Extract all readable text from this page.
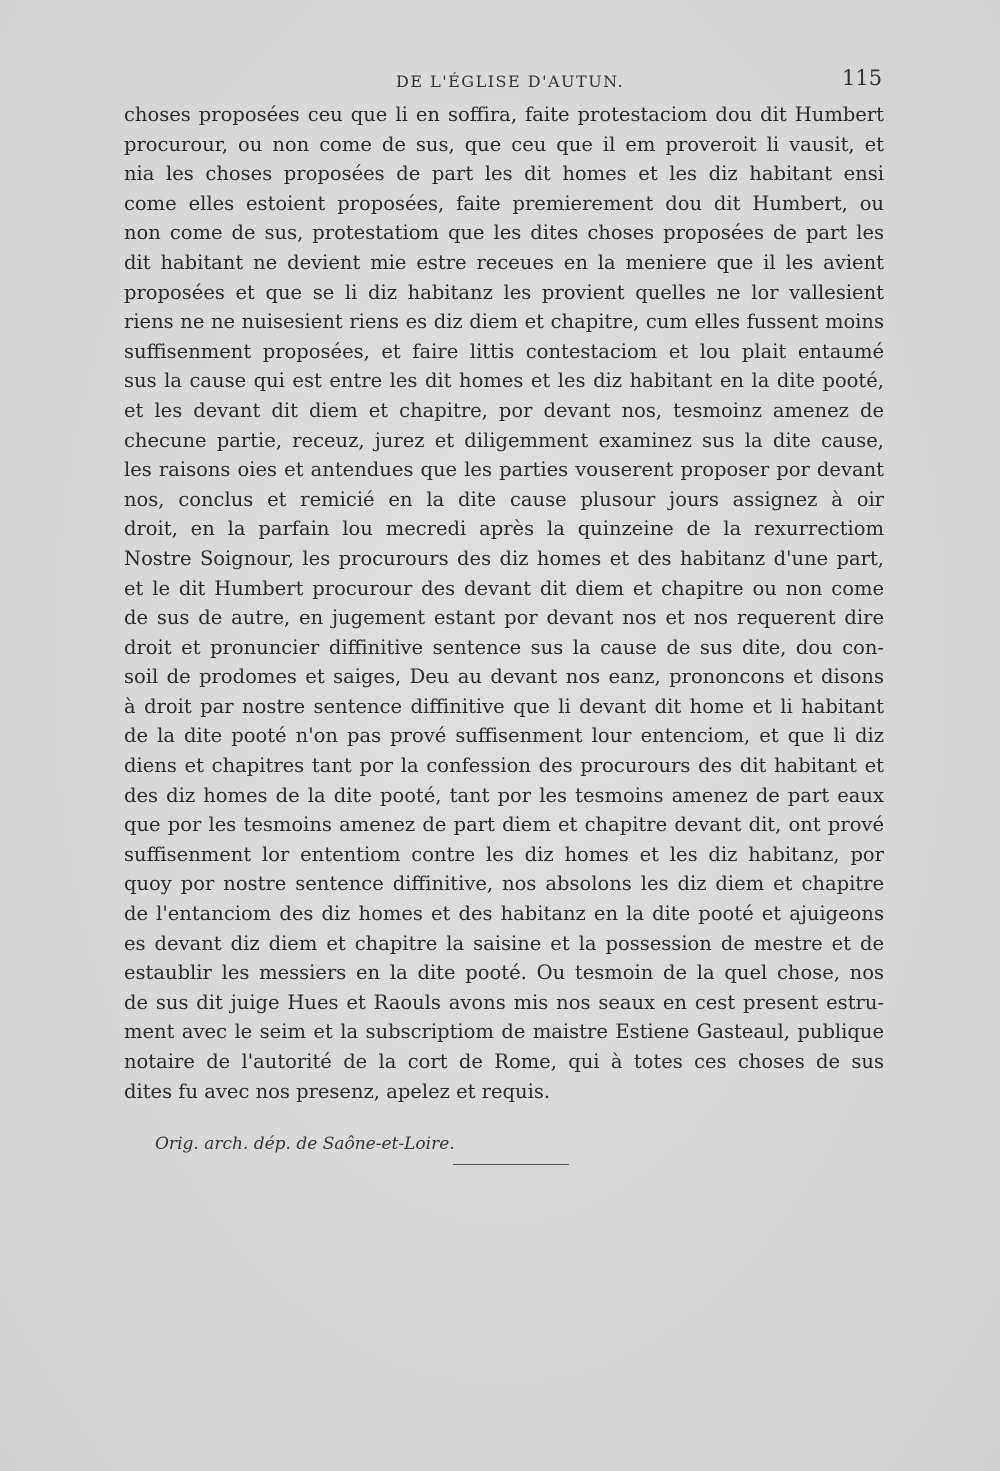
DE L'ÉGLISE D'AUTUN.	115
choses proposées ceu que li en soffira, faite protestaciom dou dit Humbert
procurour, ou non come de sus, que ceu que il em proveroit li vausit, et
nia les choses proposées de part les dit homes et les diz habitant ensi
come elles estoient proposées, faite premierement dou dit Humbert, ou
non come de sus, protestatiom que les dites choses proposées de part les
dit habitant ne devient mie estre receues en la meniere que il les avient
proposées et que se li diz habitanz les provient quelles ne lor vallesient
riens ne ne nuisesient riens es diz diem et chapitre, cum elles fussent moins
suffisenment proposées, et faire littis contestaciom et lou plait entaumé
sus la cause qui est entre les dit homes et les diz habitant en la dite pooté,
et les devant dit diem et chapitre, por devant nos, tesmoinz amenez de
checune partie, receuz, jurez et diligemment examinez sus la dite cause,
les raisons oies et antendues que les parties vouserent proposer por devant
nos, conclus et remicié en la dite cause plusour jours assignez à oir
droit, en la parfain lou mecredi après la quinzeine de la rexurrectiom
Nostre Soignour, les procurours des diz homes et des habitanz d'une part,
et le dit Humbert procurour des devant dit diem et chapitre ou non come
de sus de autre, en jugement estant por devant nos et nos requerent dire
droit et pronuncier diffinitive sentence sus la cause de sus dite, dou con-
soil de prodomes et saiges, Deu au devant nos eanz, prononcons et disons
à droit par nostre sentence diffinitive que li devant dit home et li habitant
de la dite pooté n'on pas prové suffisenment lour entenciom, et que li diz
diens et chapitres tant por la confession des procurours des dit habitant et
des diz homes de la dite pooté, tant por les tesmoins amenez de part eaux
que por les tesmoins amenez de part diem et chapitre devant dit, ont prové
suffisenment lor ententiom contre les diz homes et les diz habitanz, por
quoy por nostre sentence diffinitive, nos absolons les diz diem et chapitre
de l'entanciom des diz homes et des habitanz en la dite pooté et ajuigeons
es devant diz diem et chapitre la saisine et la possession de mestre et de
estaublir les messiers en la dite pooté. Ou tesmoin de la quel chose, nos
de sus dit juige Hues et Raouls avons mis nos seaux en cest present estru-
ment avec le seim et la subscriptiom de maistre Estiene Gasteaul, publique
notaire de l'autorité de la cort de Rome, qui à totes ces choses de sus
dites fu avec nos presenz, apelez et requis.
Orig. arch. dép. de Saône-et-Loire.
